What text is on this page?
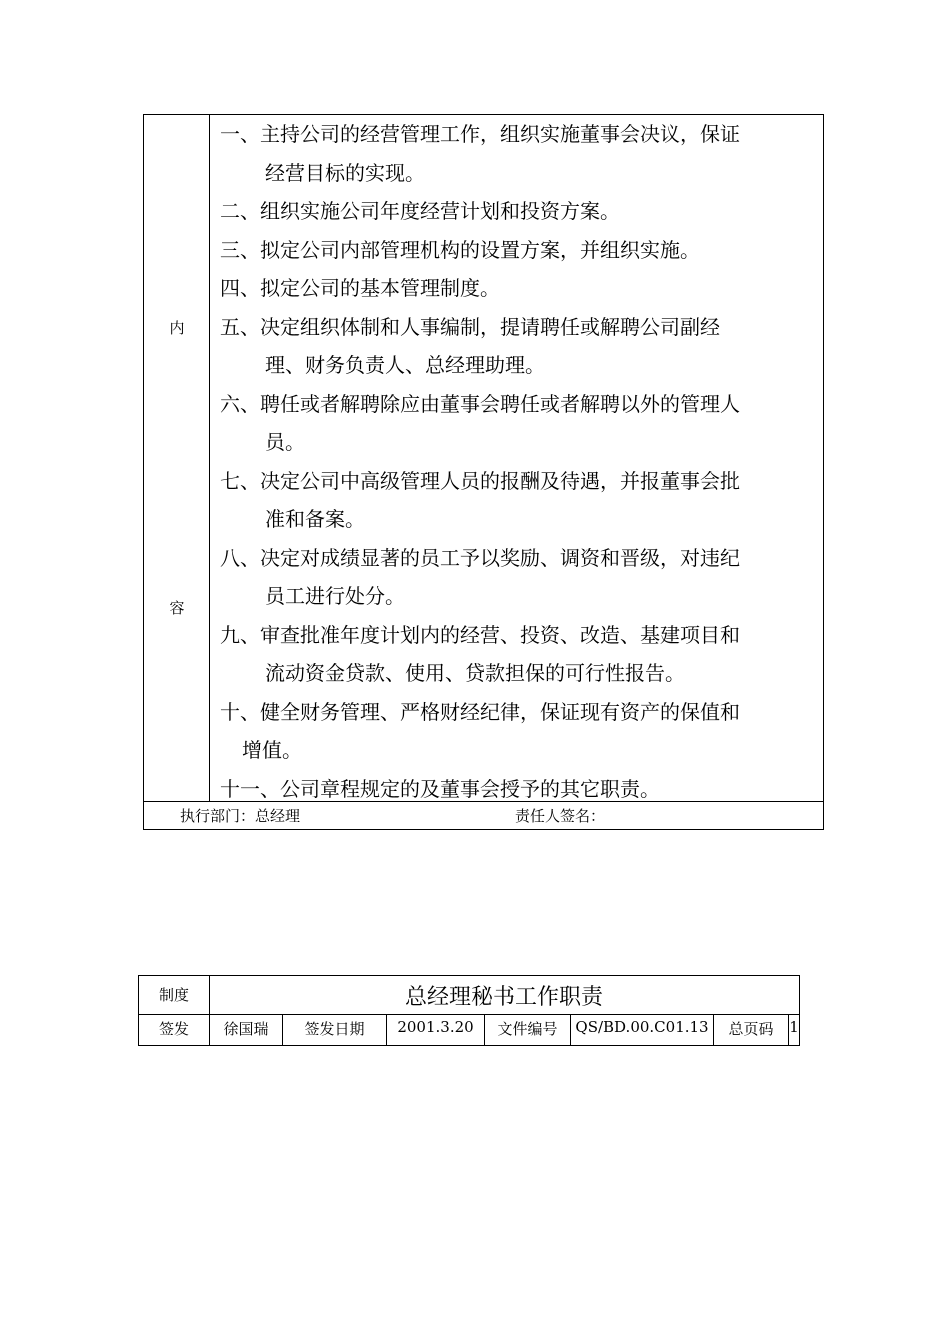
内
容
一、主持公司的经营管理工作，组织实施董事会决议，保证
经营目标的实现。
二、组织实施公司年度经营计划和投资方案。
三、拟定公司内部管理机构的设置方案，并组织实施。
四、拟定公司的基本管理制度。
五、决定组织体制和人事编制，提请聘任或解聘公司副经
理、财务负责人、总经理助理。
六、聘任或者解聘除应由董事会聘任或者解聘以外的管理人
员。
七、决定公司中高级管理人员的报酬及待遇，并报董事会批
准和备案。
八、决定对成绩显著的员工予以奖励、调资和晋级，对违纪
员工进行处分。
九、审查批准年度计划内的经营、投资、改造、基建项目和
流动资金贷款、使用、贷款担保的可行性报告。
十、健全财务管理、严格财经纪律，保证现有资产的保值和
增值。
十一、公司章程规定的及董事会授予的其它职责。
执行部门：总经理	责任人签名：
制度	总经理秘书工作职责
签发	徐国瑞	签发日期	2001.3.20	文件编号	QS/BD.00.C01.13	总页码	1
